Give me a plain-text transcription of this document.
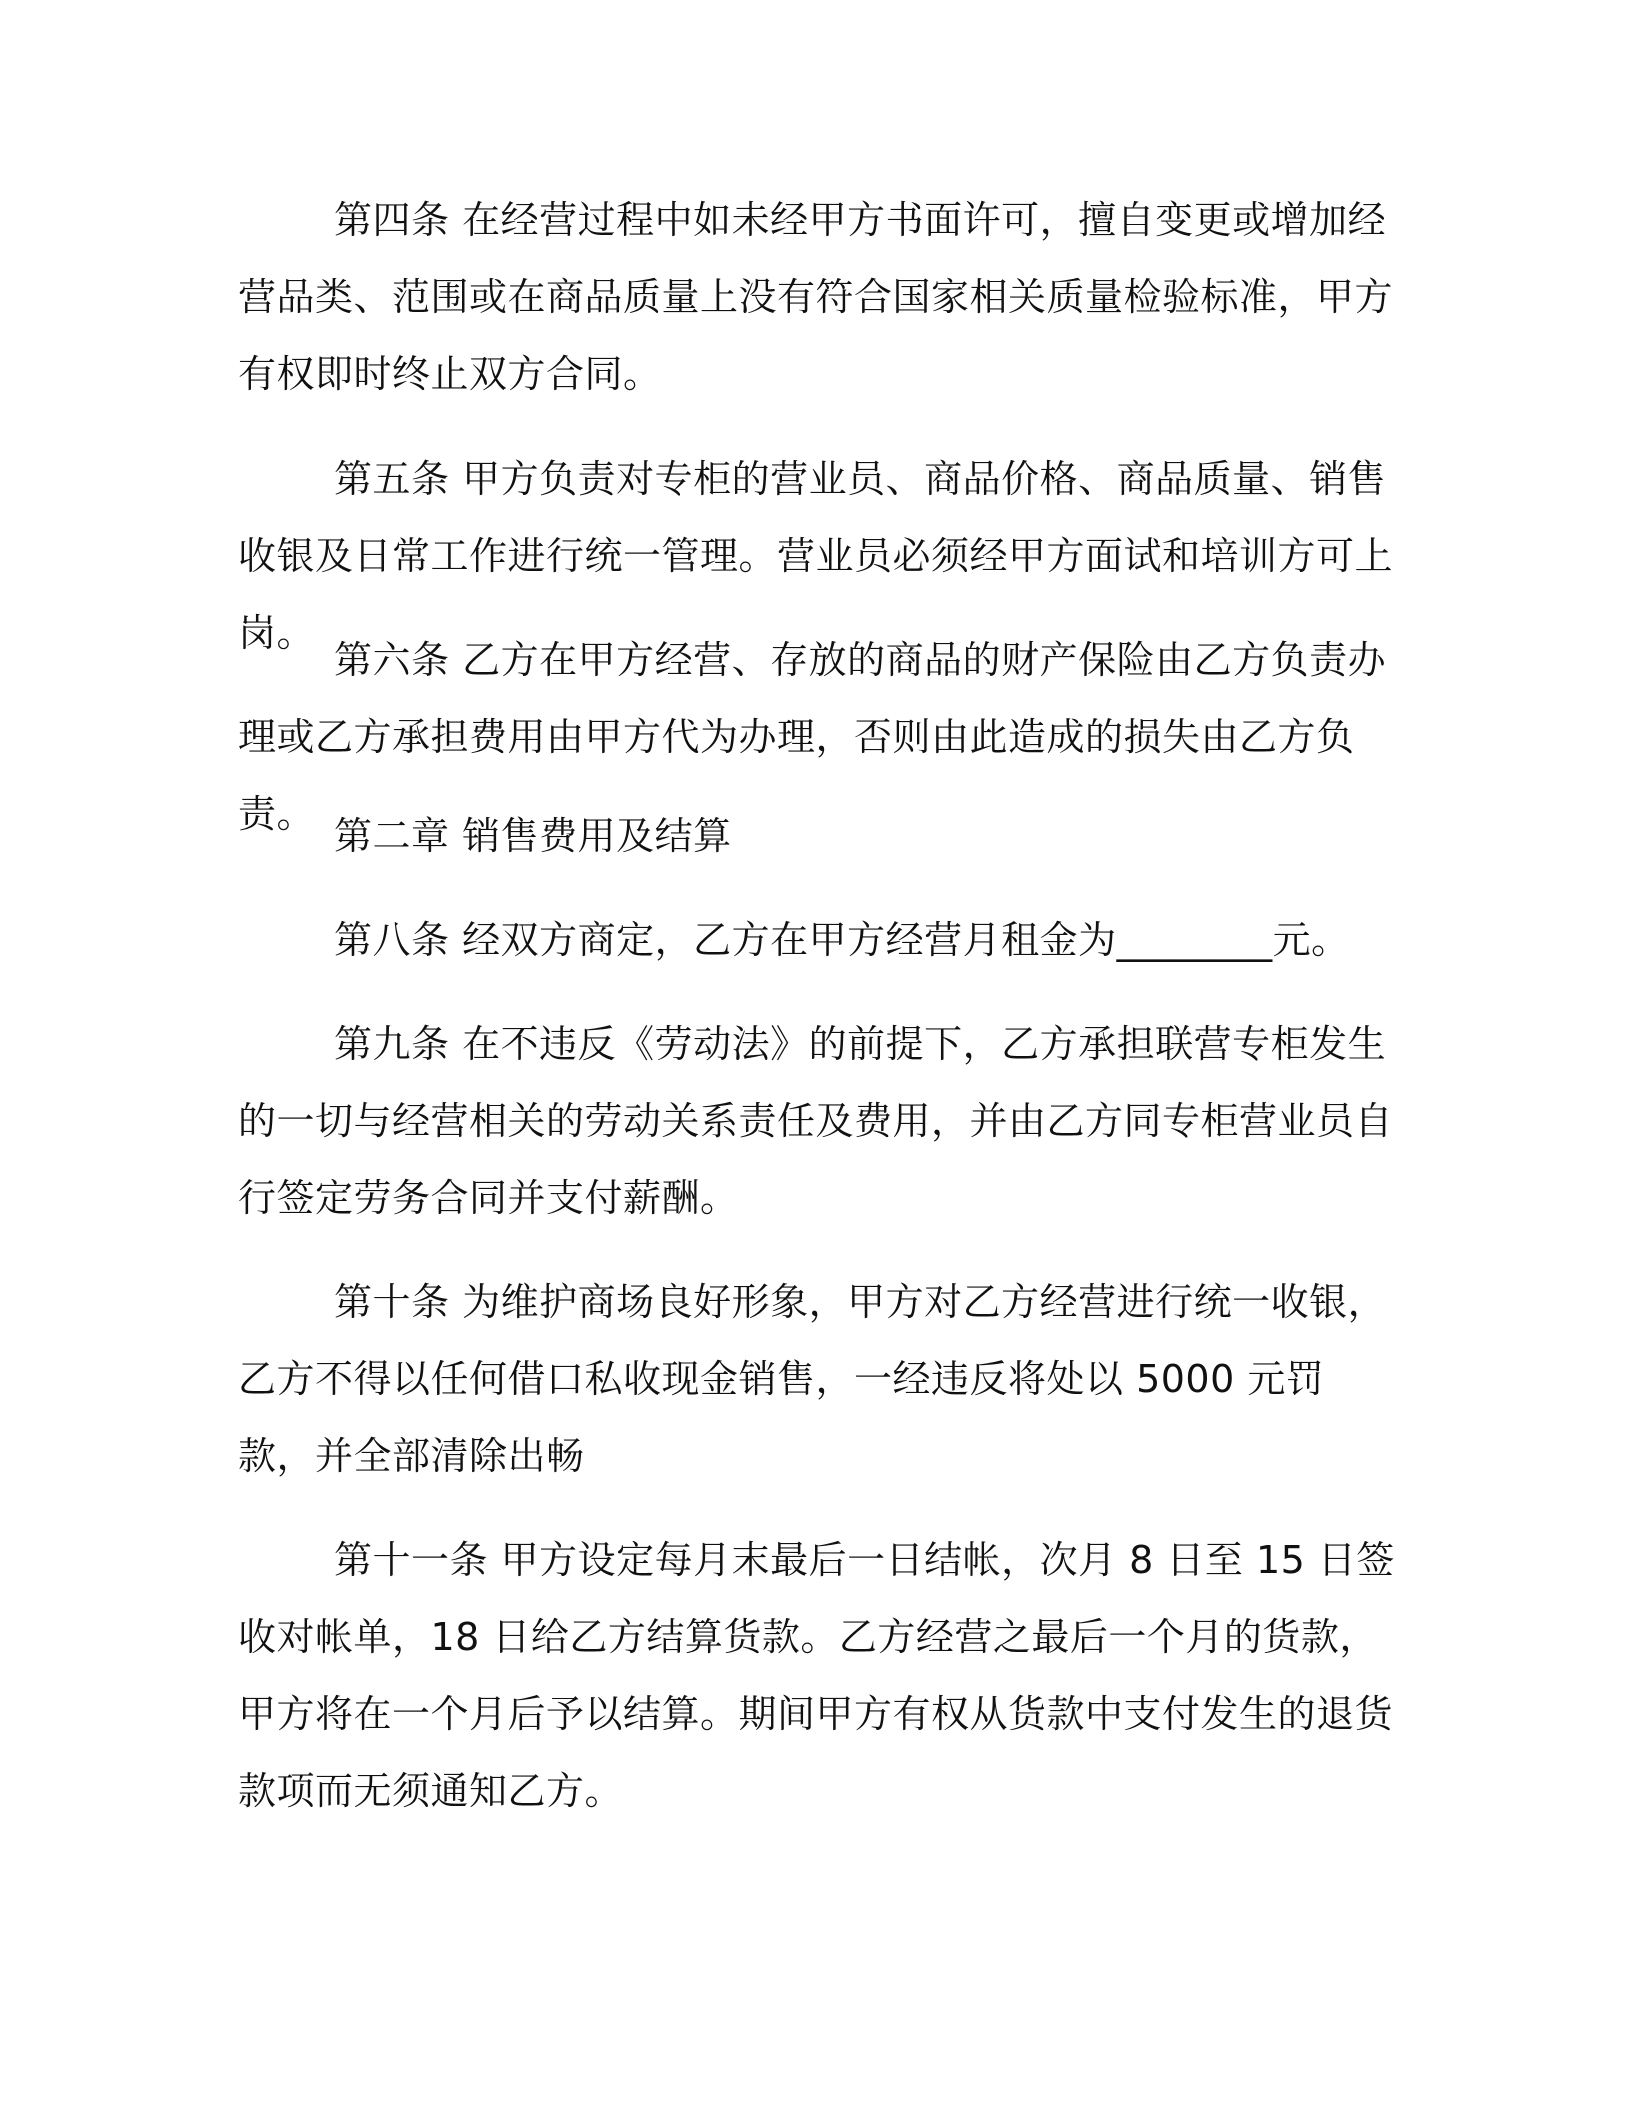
第四条 在经营过程中如未经甲方书面许可，擅自变更或增加经营品类、范围或在商品质量上没有符合国家相关质量检验标准，甲方有权即时终止双方合同。

第五条 甲方负责对专柜的营业员、商品价格、商品质量、销售收银及日常工作进行统一管理。营业员必须经甲方面试和培训方可上岗。

第六条 乙方在甲方经营、存放的商品的财产保险由乙方负责办理或乙方承担费用由甲方代为办理，否则由此造成的损失由乙方负责。 第二章 销售费用及结算

第八条 经双方商定，乙方在甲方经营月租金为________元。

第九条 在不违反《劳动法》的前提下，乙方承担联营专柜发生的一切与经营相关的劳动关系责任及费用，并由乙方同专柜营业员自行签定劳务合同并支付薪酬。

第十条 为维护商场良好形象，甲方对乙方经营进行统一收银，乙方不得以任何借口私收现金销售，一经违反将处以 5000 元罚款，并全部清除出畅

第十一条 甲方设定每月末最后一日结帐，次月 8 日至 15 日签收对帐单，18 日给乙方结算货款。乙方经营之最后一个月的货款，甲方将在一个月后予以结算。期间甲方有权从货款中支付发生的退货款项而无须通知乙方。
